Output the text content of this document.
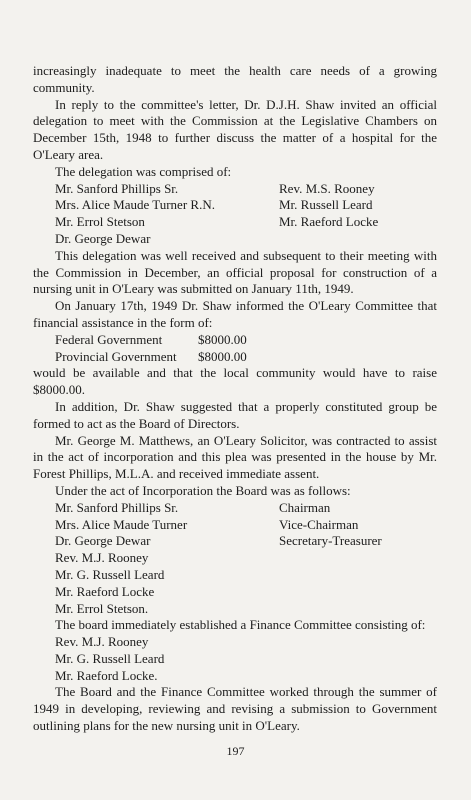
increasingly inadequate to meet the health care needs of a growing community.

In reply to the committee's letter, Dr. D.J.H. Shaw invited an official delegation to meet with the Commission at the Legislative Chambers on December 15th, 1948 to further discuss the matter of a hospital for the O'Leary area.

The delegation was comprised of:

Mr. Sanford Phillips Sr.	Rev. M.S. Rooney
Mrs. Alice Maude Turner R.N.	Mr. Russell Leard
Mr. Errol Stetson	Mr. Raeford Locke
Dr. George Dewar

This delegation was well received and subsequent to their meeting with the Commission in December, an official proposal for construction of a nursing unit in O'Leary was submitted on January 11th, 1949.

On January 17th, 1949 Dr. Shaw informed the O'Leary Committee that financial assistance in the form of:

Federal Government	$8000.00
Provincial Government	$8000.00

would be available and that the local community would have to raise $8000.00.

In addition, Dr. Shaw suggested that a properly constituted group be formed to act as the Board of Directors.

Mr. George M. Matthews, an O'Leary Solicitor, was contracted to assist in the act of incorporation and this plea was presented in the house by Mr. Forest Phillips, M.L.A. and received immediate assent.

Under the act of Incorporation the Board was as follows:

Mr. Sanford Phillips Sr.	Chairman
Mrs. Alice Maude Turner	Vice-Chairman
Dr. George Dewar	Secretary-Treasurer
Rev. M.J. Rooney
Mr. G. Russell Leard
Mr. Raeford Locke
Mr. Errol Stetson.

The board immediately established a Finance Committee consisting of:

Rev. M.J. Rooney
Mr. G. Russell Leard
Mr. Raeford Locke.

The Board and the Finance Committee worked through the summer of 1949 in developing, reviewing and revising a submission to Government outlining plans for the new nursing unit in O'Leary.

197
